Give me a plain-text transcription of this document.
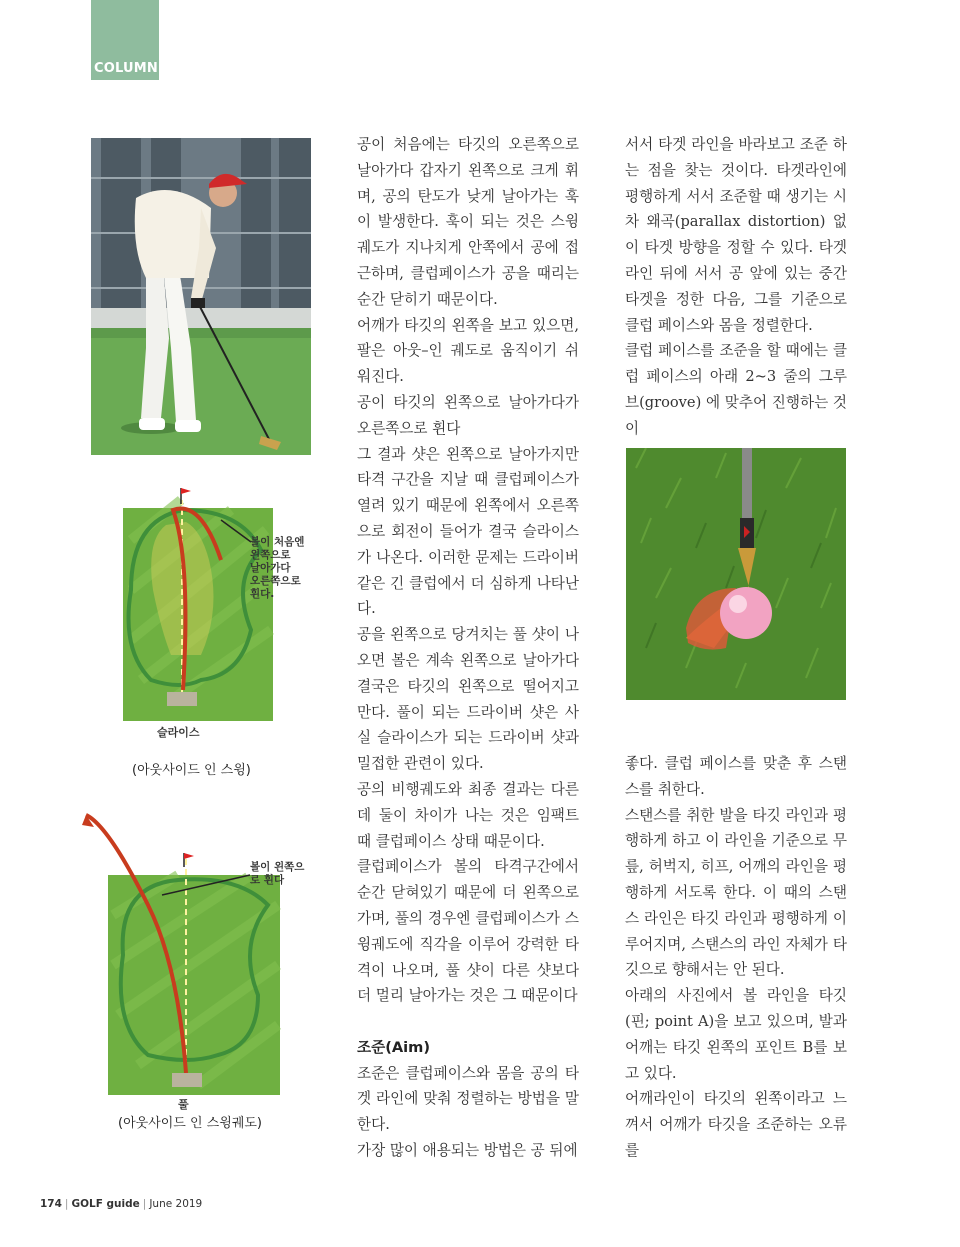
COLUMN
볼이 처음엔
왼쪽으로
날아가다
오른쪽으로
휜다.
슬라이스
(아웃사이드 인 스윙)
볼이 왼쪽으
로 휜다
풀
(아웃사이드 인 스윙궤도)

공이 처음에는 타깃의 오른쪽으로 날아가다 갑자기 왼쪽으로 크게 휘며, 공의 탄도가 낮게 날아가는 훅이 발생한다. 훅이 되는 것은 스윙궤도가 지나치게 안쪽에서 공에 접근하며, 클럽페이스가 공을 때리는 순간 닫히기 때문이다.

어깨가 타깃의 왼쪽을 보고 있으면, 팔은 아웃–인 궤도로 움직이기 쉬워진다.

공이 타깃의 왼쪽으로 날아가다가 오른쪽으로 휜다

그 결과 샷은 왼쪽으로 날아가지만 타격 구간을 지날 때 클럽페이스가 열려 있기 때문에 왼쪽에서 오른쪽으로 회전이 들어가 결국 슬라이스가 나온다. 이러한 문제는 드라이버 같은 긴 클럽에서 더 심하게 나타난다.

공을 왼쪽으로 당겨치는 풀 샷이 나오면 볼은 계속 왼쪽으로 날아가다 결국은 타깃의 왼쪽으로 떨어지고 만다. 풀이 되는 드라이버 샷은 사실 슬라이스가 되는 드라이버 샷과 밀접한 관련이 있다.

공의 비행궤도와 최종 결과는 다른데 둘이 차이가 나는 것은 임팩트 때 클럽페이스 상태 때문이다.

클럽페이스가 볼의 타격구간에서 순간 닫혀있기 때문에 더 왼쪽으로 가며, 풀의 경우엔 클럽페이스가 스윙궤도에 직각을 이루어 강력한 타격이 나오며, 풀 샷이 다른 샷보다 더 멀리 날아가는 것은 그 때문이다

조준(Aim)

조준은 클럽페이스와 몸을 공의 타겟 라인에 맞춰 정렬하는 방법을 말한다.

가장 많이 애용되는 방법은 공 뒤에

서서 타겟 라인을 바라보고 조준 하는 점을 찾는 것이다. 타겟라인에 평행하게 서서 조준할 때 생기는 시차 왜곡(parallax distortion) 없이 타겟 방향을 정할 수 있다. 타겟 라인 뒤에 서서 공 앞에 있는 중간 타겟을 정한 다음, 그를 기준으로 클럽 페이스와 몸을 정렬한다.

클럽 페이스를 조준을 할 때에는 클럽 페이스의 아래 2~3 줄의 그루브(groove) 에 맞추어 진행하는 것이

좋다. 클럽 페이스를 맞춘 후 스탠스를 취한다.

스탠스를 취한 발을 타깃 라인과 평행하게 하고 이 라인을 기준으로 무릎, 허벅지, 히프, 어깨의 라인을 평행하게 서도록 한다. 이 때의 스탠스 라인은 타깃 라인과 평행하게 이루어지며, 스탠스의 라인 자체가 타깃으로 향해서는 안 된다.

아래의 사진에서 볼 라인을 타깃(핀; point A)을 보고 있으며, 발과 어깨는 타깃 왼쪽의 포인트 B를 보고 있다.

어깨라인이 타깃의 왼쪽이라고 느껴서 어깨가 타깃을 조준하는 오류를

174 | GOLF guide | June 2019
